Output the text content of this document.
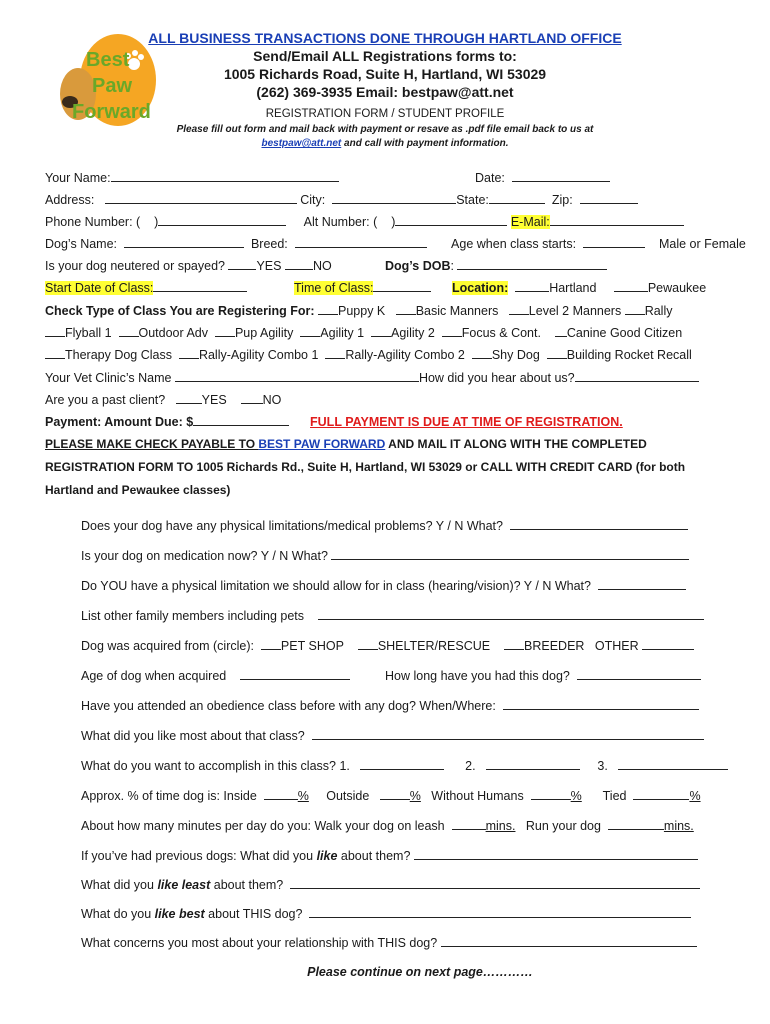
Best
Paw
Forward
ALL BUSINESS TRANSACTIONS DONE THROUGH HARTLAND OFFICE
Send/Email ALL Registrations forms to:
1005 Richards Road, Suite H, Hartland, WI 53029
(262) 369-3935 Email: bestpaw@att.net
REGISTRATION FORM / STUDENT PROFILE
Please fill out form and mail back with payment or resave as .pdf file email back to us at
bestpaw@att.net and call with payment information.
Your Name:	Date:
Address:	City:	State:	Zip:
Phone Number: ( )	Alt Number: ( )	E-Mail:
Dog’s Name:	Breed:	Age when class starts:	Male or Female
Is your dog neutered or spayed?	YES	NO	Dog’s DOB:
Start Date of Class:	Time of Class:	Location:	Hartland	Pewaukee
Check Type of Class You are Registering For: Puppy K Basic Manners Level 2 Manners Rally
Flyball 1 Outdoor Adv Pup Agility Agility 1 Agility 2 Focus & Cont. Canine Good Citizen
Therapy Dog Class Rally-Agility Combo 1 Rally-Agility Combo 2 Shy Dog Building Rocket Recall
Your Vet Clinic’s Name	How did you hear about us?
Are you a past client?	YES	NO
Payment: Amount Due: $	FULL PAYMENT IS DUE AT TIME OF REGISTRATION.
PLEASE MAKE CHECK PAYABLE TO BEST PAW FORWARD AND MAIL IT ALONG WITH THE COMPLETED
REGISTRATION FORM TO 1005 Richards Rd., Suite H, Hartland, WI 53029 or CALL WITH CREDIT CARD (for both
Hartland and Pewaukee classes)
Does your dog have any physical limitations/medical problems? Y / N What?
Is your dog on medication now? Y / N What?
Do YOU have a physical limitation we should allow for in class (hearing/vision)? Y / N What?
List other family members including pets
Dog was acquired from (circle): PET SHOP	SHELTER/RESCUE	BREEDER OTHER
Age of dog when acquired	How long have you had this dog?
Have you attended an obedience class before with any dog? When/Where:
What did you like most about that class?
What do you want to accomplish in this class? 1.	2.	3.
Approx. % of time dog is: Inside	% Outside	% Without Humans	% Tied	%
About how many minutes per day do you: Walk your dog on leash	mins. Run your dog	mins.
If you’ve had previous dogs: What did you like about them?
What did you like least about them?
What do you like best about THIS dog?
What concerns you most about your relationship with THIS dog?
Please continue on next page…………
